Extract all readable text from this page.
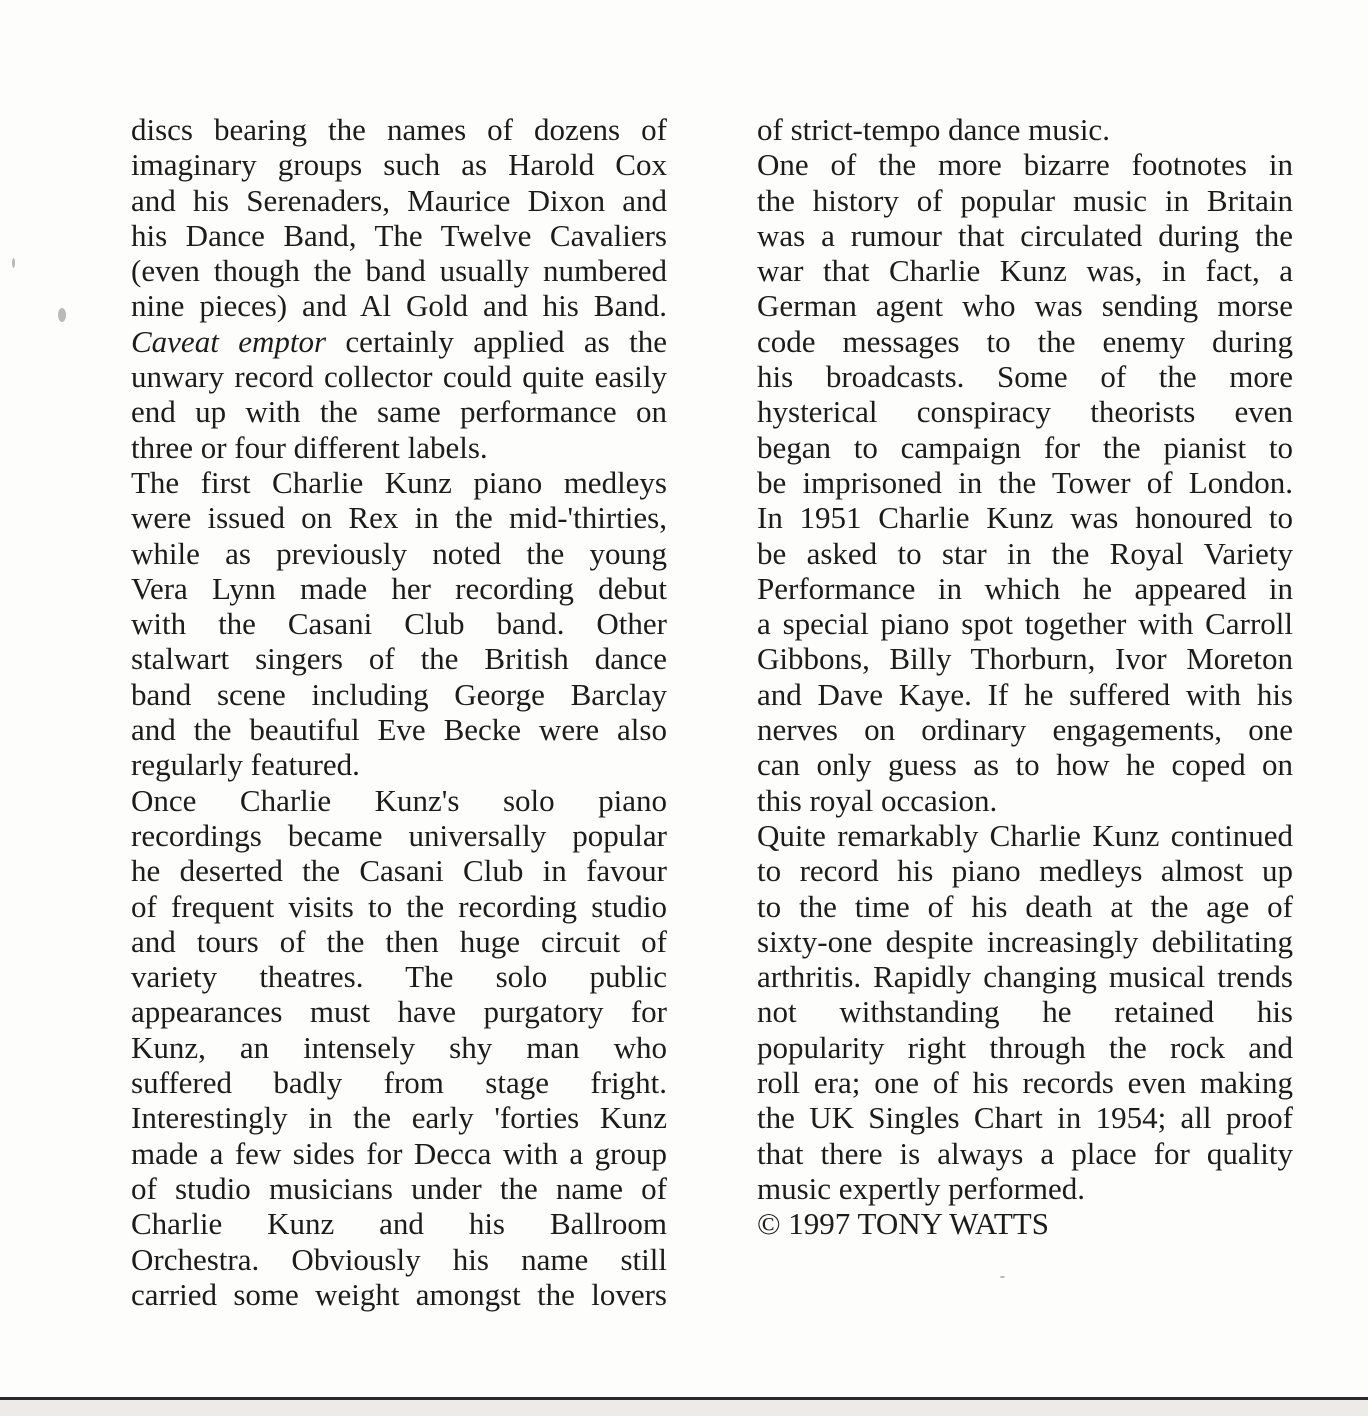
discs bearing the names of dozens of
imaginary groups such as Harold Cox
and his Serenaders, Maurice Dixon and
his Dance Band, The Twelve Cavaliers
(even though the band usually numbered
nine pieces) and Al Gold and his Band.
Caveat emptor certainly applied as the
unwary record collector could quite easily
end up with the same performance on
three or four different labels.
The first Charlie Kunz piano medleys
were issued on Rex in the mid-'thirties,
while as previously noted the young
Vera Lynn made her recording debut
with the Casani Club band. Other
stalwart singers of the British dance
band scene including George Barclay
and the beautiful Eve Becke were also
regularly featured.
Once Charlie Kunz's solo piano
recordings became universally popular
he deserted the Casani Club in favour
of frequent visits to the recording studio
and tours of the then huge circuit of
variety theatres. The solo public
appearances must have purgatory for
Kunz, an intensely shy man who
suffered badly from stage fright.
Interestingly in the early 'forties Kunz
made a few sides for Decca with a group
of studio musicians under the name of
Charlie Kunz and his Ballroom
Orchestra. Obviously his name still
carried some weight amongst the lovers
of strict-tempo dance music.
One of the more bizarre footnotes in
the history of popular music in Britain
was a rumour that circulated during the
war that Charlie Kunz was, in fact, a
German agent who was sending morse
code messages to the enemy during
his broadcasts. Some of the more
hysterical conspiracy theorists even
began to campaign for the pianist to
be imprisoned in the Tower of London.
In 1951 Charlie Kunz was honoured to
be asked to star in the Royal Variety
Performance in which he appeared in
a special piano spot together with Carroll
Gibbons, Billy Thorburn, Ivor Moreton
and Dave Kaye. If he suffered with his
nerves on ordinary engagements, one
can only guess as to how he coped on
this royal occasion.
Quite remarkably Charlie Kunz continued
to record his piano medleys almost up
to the time of his death at the age of
sixty-one despite increasingly debilitating
arthritis. Rapidly changing musical trends
not withstanding he retained his
popularity right through the rock and
roll era; one of his records even making
the UK Singles Chart in 1954; all proof
that there is always a place for quality
music expertly performed.
© 1997 TONY WATTS
